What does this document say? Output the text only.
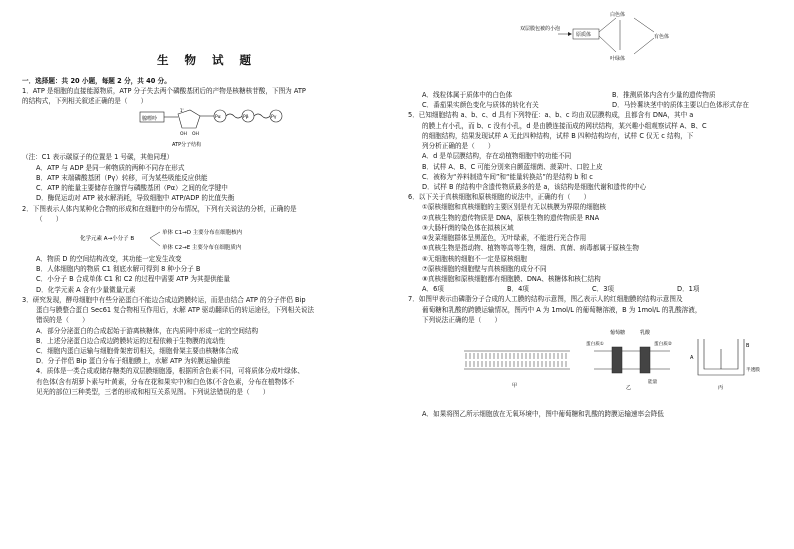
生 物 试 题

一．选择题：共 20 小题，每题 2 分，共 40 分。

1．ATP 是细胞的直接能源物质，ATP 分子失去两个磷酸基团后的产物是核糖核苷酸，下图为 ATP

的结构式，下列相关叙述正确的是（　　）

腺嘌呤
1'
OH OH
Pα	Pβ	Pγ
ATP分子结构

（注：C1 表示碳原子的位置是 1 号碳，其他同理）

A．ATP 与 ADP 是同一种物质的两种不同存在形式

B．ATP 末端磷酸基团（Pγ）转移，可为某些吸能反应供能

C．ATP 的能量主要储存在腺苷与磷酸基团（Pα）之间的化学键中

D．酶促运动对 ATP 被水解消耗，导致细胞中 ATP/ADP 的比值失衡

2．下图表示人体内某种化合物的形成和在细胞中的分布情况，下列有关说法的分析，正确的是

（　　）

化学元素 A→小分子 B
单体 C1→D 主要分布在细胞核内
单体 C2→E 主要分布在细胞质内

A．物质 D 的空间结构改变，其功能一定发生改变

B．人体细胞内的物质 C1 彻底水解可得到 8 种小分子 B

C．小分子 B 合成单体 C1 和 C2 的过程中需要 ATP 为其提供能量

D．化学元素 A 含有少量微量元素

3．研究发现，酵母细胞中有些分泌蛋白不能边合成边跨膜转运，而是由结合 ATP 的分子伴侣 Bip

蛋白与膜整合蛋白 Sec61 复合物相互作用后，水解 ATP 驱动翻译后的转运途径，下列相关说法

错误的是（　　）

A．部分分泌蛋白的合成起始于游离核糖体，在内质网中形成一定的空间结构

B．上述分泌蛋白边合成边跨膜转运的过程依赖于生物膜的流动性

C．细胞内蛋白运输与细胞骨架密切相关，细胞骨架主要由核糖体合成

D．分子伴侣 Bip 蛋白分布于细胞膜上，水解 ATP 为转膜运输供能

4．质体是一类合成或储存糖类的双层膜细胞器，根据所含色素不同，可将质体分成叶绿体、

有色体(含有胡萝卜素与叶黄素，分布在花和果实中)和白色体(不含色素，分布在植物体不

见光的部位)三种类型，三者的形成和相互关系见图。下列说法错误的是（　　）

双层膜包被的小泡
原质体
白色体
叶绿体
有色体

A．线粒体属于质体中的白色体	B．推测质体内含有少量的遗传物质

C．番茄果实颜色变化与质体的转化有关	D．马铃薯块茎中的质体主要以白色体形式存在

5．已知细胞结构 a、b、c、d 具有下列特征：a、b、c 均由双层膜构成，且都含有 DNA，其中 a

的膜上有小孔，而 b、c 没有小孔，d 是由膜连接而成的网状结构，某兴趣小组观察试样 A、B、C

的细胞结构，结果发现试样 A 无此四种结构，试样 B 四种结构均有，试样 C 仅无 c 结构，下

列分析正确的是（　　）

A．d 是单层膜结构，存在动植物细胞中的功能不同

B．试样 A、B、C 可能分别来自颤蓝细菌、菠菜叶、口腔上皮

C．被称为“养料制造车间”和“能量转换站”的是结构 b 和 c

D．试样 B 的结构中含遗传物质最多的是 a，该结构是细胞代谢和遗传的中心

6．以下关于真核细胞和原核细胞的说法中，正确的有（　　）

①原核细胞和真核细胞的主要区别是有无以核膜为界限的细胞核

②真核生物的遗传物质是 DNA，原核生物的遗传物质是 RNA

③大肠杆菌的染色体在拟核区域

④发菜细胞群体呈黑蓝色，无叶绿素，不能进行光合作用

⑤真核生物是指动物、植物等高等生物，细菌、真菌、病毒都属于原核生物

⑥无细胞核的细胞不一定是原核细胞

⑦原核细胞的细胞壁与真核细胞的成分不同

⑧真核细胞和原核细胞都有细胞膜、DNA、核糖体和核仁结构

A．6项	B．4项	C．3项	D．1项

7．如图甲表示由磷脂分子合成的人工膜的结构示意图，图乙表示人的红细胞膜的结构示意图及

葡萄糖和乳酸的跨膜运输情况，图丙中 A 为 1mol/L 的葡萄糖溶液，B 为 1mol/L 的乳酸溶液，

下列说法正确的是（　　）

甲
葡萄糖	乳酸
蛋白质①	蛋白质②
能量
乙
A
B
半透膜
丙

A．如果将图乙所示细胞放在无氧环境中，图中葡萄糖和乳酸的跨膜运输速率会降低
